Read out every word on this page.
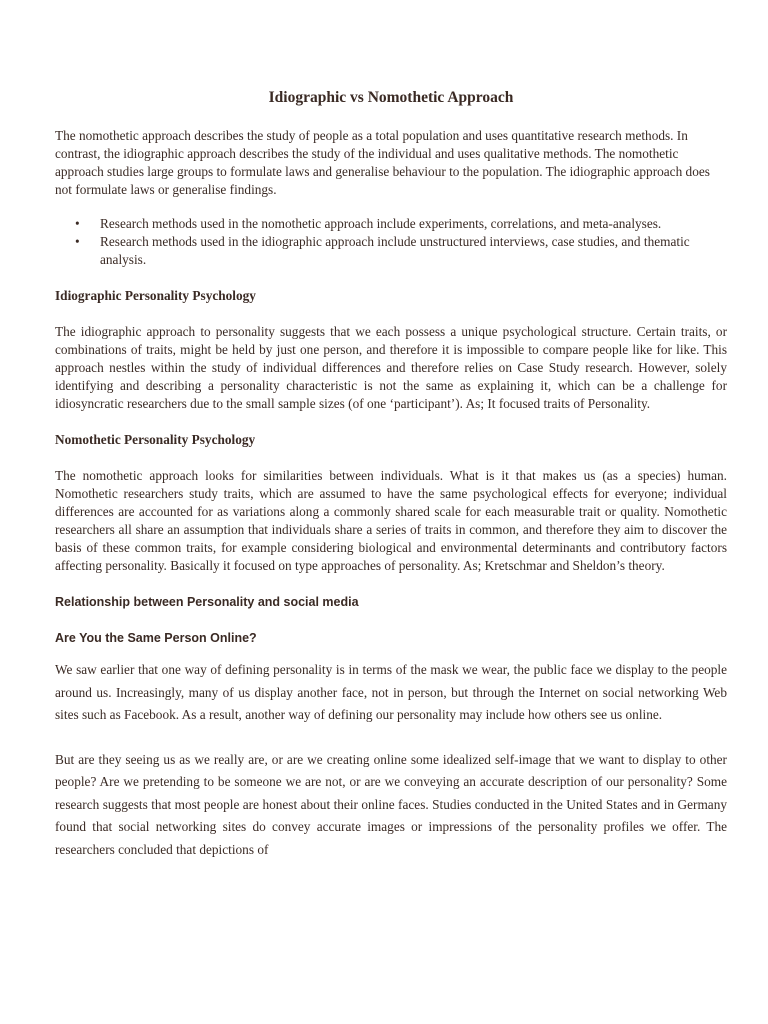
Idiographic vs Nomothetic Approach

The nomothetic approach describes the study of people as a total population and uses quantitative research methods. In contrast, the idiographic approach describes the study of the individual and uses qualitative methods. The nomothetic approach studies large groups to formulate laws and generalise behaviour to the population. The idiographic approach does not formulate laws or generalise findings.

• Research methods used in the nomothetic approach include experiments, correlations, and meta-analyses.
• Research methods used in the idiographic approach include unstructured interviews, case studies, and thematic analysis.
Idiographic Personality Psychology

The idiographic approach to personality suggests that we each possess a unique psychological structure. Certain traits, or combinations of traits, might be held by just one person, and therefore it is impossible to compare people like for like. This approach nestles within the study of individual differences and therefore relies on Case Study research. However, solely identifying and describing a personality characteristic is not the same as explaining it, which can be a challenge for idiosyncratic researchers due to the small sample sizes (of one ‘participant’). As; It focused traits of Personality.

Nomothetic Personality Psychology

The nomothetic approach looks for similarities between individuals. What is it that makes us (as a species) human. Nomothetic researchers study traits, which are assumed to have the same psychological effects for everyone; individual differences are accounted for as variations along a commonly shared scale for each measurable trait or quality. Nomothetic researchers all share an assumption that individuals share a series of traits in common, and therefore they aim to discover the basis of these common traits, for example considering biological and environmental determinants and contributory factors affecting personality. Basically it focused on type approaches of personality. As; Kretschmar and Sheldon’s theory.

Relationship between Personality and social media
Are You the Same Person Online?

We saw earlier that one way of defining personality is in terms of the mask we wear, the public face we display to the people around us. Increasingly, many of us display another face, not in person, but through the Internet on social networking Web sites such as Facebook. As a result, another way of defining our personality may include how others see us online.

But are they seeing us as we really are, or are we creating online some idealized self-image that we want to display to other people? Are we pretending to be someone we are not, or are we conveying an accurate description of our personality? Some research suggests that most people are honest about their online faces. Studies conducted in the United States and in Germany found that social networking sites do convey accurate images or impressions of the personality profiles we offer. The researchers concluded that depictions of
